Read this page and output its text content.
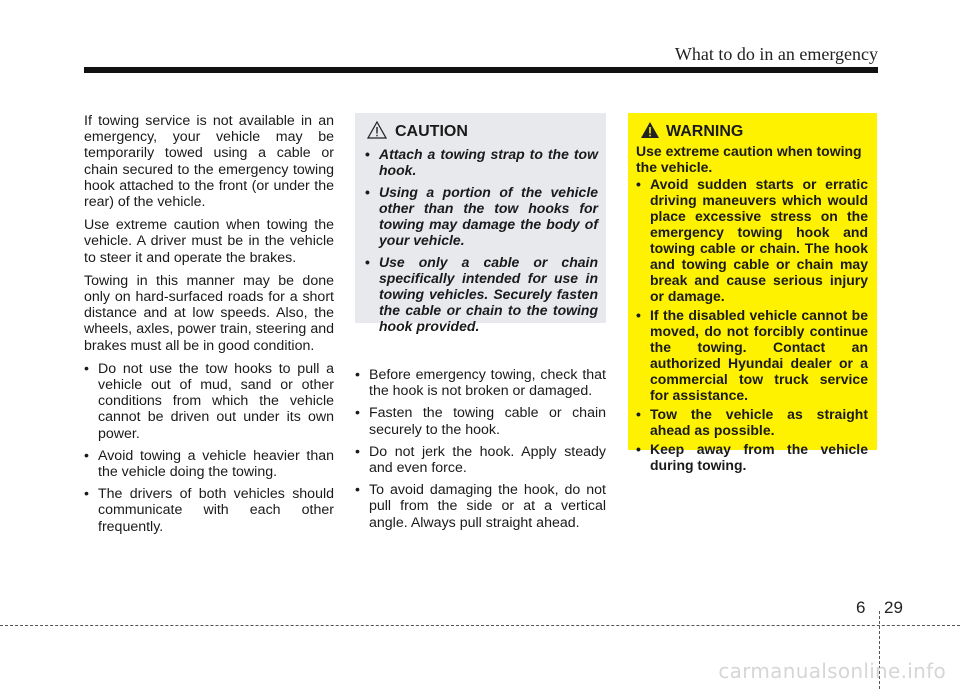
What to do in an emergency

If towing service is not available in an emergency, your vehicle may be temporarily towed using a cable or chain secured to the emergency towing hook attached to the front (or under the rear) of the vehicle.

Use extreme caution when towing the vehicle. A driver must be in the vehicle to steer it and operate the brakes.

Towing in this manner may be done only on hard-surfaced roads for a short distance and at low speeds. Also, the wheels, axles, power train, steering and brakes must all be in good condition.

• Do not use the tow hooks to pull a vehicle out of mud, sand or other conditions from which the vehicle cannot be driven out under its own power.
• Avoid towing a vehicle heavier than the vehicle doing the towing.
• The drivers of both vehicles should communicate with each other frequently.
CAUTION
• Attach a towing strap to the tow hook.
• Using a portion of the vehicle other than the tow hooks for towing may damage the body of your vehicle.
• Use only a cable or chain specifically intended for use in towing vehicles. Securely fasten the cable or chain to the towing hook provided.
• Before emergency towing, check that the hook is not broken or damaged.
• Fasten the towing cable or chain securely to the hook.
• Do not jerk the hook. Apply steady and even force.
• To avoid damaging the hook, do not pull from the side or at a vertical angle. Always pull straight ahead.
WARNING

Use extreme caution when towing the vehicle.

• Avoid sudden starts or erratic driving maneuvers which would place excessive stress on the emergency towing hook and towing cable or chain. The hook and towing cable or chain may break and cause serious injury or damage.
• If the disabled vehicle cannot be moved, do not forcibly continue the towing. Contact an authorized Hyundai dealer or a commercial tow truck service for assistance.
• Tow the vehicle as straight ahead as possible.
• Keep away from the vehicle during towing.
6 29
carmanualsonline.info
